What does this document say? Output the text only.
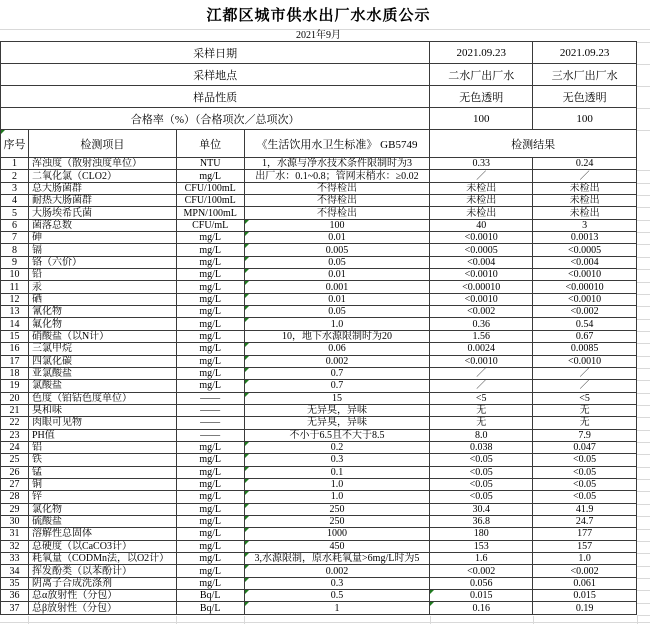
江都区城市供水出厂水水质公示
2021年9月
采样日期	2021.09.23	2021.09.23
采样地点	二水厂出厂水	三水厂出厂水
样品性质	无色透明	无色透明
合格率（%）（合格项次／总项次）	100	100
序号	检测项目	单位	《生活饮用水卫生标准》 GB5749	检测结果
1	浑浊度（散射浊度单位）	NTU	1，水源与净水技术条件限制时为3	0.33	0.24
2	二氧化氯（CLO2）	mg/L	出厂水：0.1~0.8；管网末梢水：≥0.02	／	／
3	总大肠菌群	CFU/100mL	不得检出	未检出	未检出
4	耐热大肠菌群	CFU/100mL	不得检出	未检出	未检出
5	大肠埃希氏菌	MPN/100mL	不得检出	未检出	未检出
6	菌落总数	CFU/mL	100	40	3
7	砷	mg/L	0.01	<0.0010	0.0013
8	镉	mg/L	0.005	<0.0005	<0.0005
9	铬（六价）	mg/L	0.05	<0.004	<0.004
10	铅	mg/L	0.01	<0.0010	<0.0010
11	汞	mg/L	0.001	<0.00010	<0.00010
12	硒	mg/L	0.01	<0.0010	<0.0010
13	氰化物	mg/L	0.05	<0.002	<0.002
14	氟化物	mg/L	1.0	0.36	0.54
15	硝酸盐（以N计）	mg/L	10，地下水源限制时为20	1.56	0.67
16	三氯甲烷	mg/L	0.06	0.0024	0.0085
17	四氯化碳	mg/L	0.002	<0.0010	<0.0010
18	亚氯酸盐	mg/L	0.7	／	／
19	氯酸盐	mg/L	0.7	／	／
20	色度（铂钴色度单位）	——	15	<5	<5
21	臭和味	——	无异臭，异味	无	无
22	肉眼可见物	——	无异臭，异味	无	无
23	PH值	——	不小于6.5且不大于8.5	8.0	7.9
24	铝	mg/L	0.2	0.038	0.047
25	铁	mg/L	0.3	<0.05	<0.05
26	锰	mg/L	0.1	<0.05	<0.05
27	铜	mg/L	1.0	<0.05	<0.05
28	锌	mg/L	1.0	<0.05	<0.05
29	氯化物	mg/L	250	30.4	41.9
30	硫酸盐	mg/L	250	36.8	24.7
31	溶解性总固体	mg/L	1000	180	177
32	总硬度（以CaCO3计）	mg/L	450	153	157
33	耗氧量（CODMn法，以O2计）	mg/L	3,水源限制，原水耗氧量>6mg/L时为5	1.6	1.0
34	挥发酚类（以苯酚计）	mg/L	0.002	<0.002	<0.002
35	阴离子合成洗涤剂	mg/L	0.3	0.056	0.061
36	总α放射性（分包）	Bq/L	0.5	0.015	0.015
37	总β放射性（分包）	Bq/L	1	0.16	0.19
